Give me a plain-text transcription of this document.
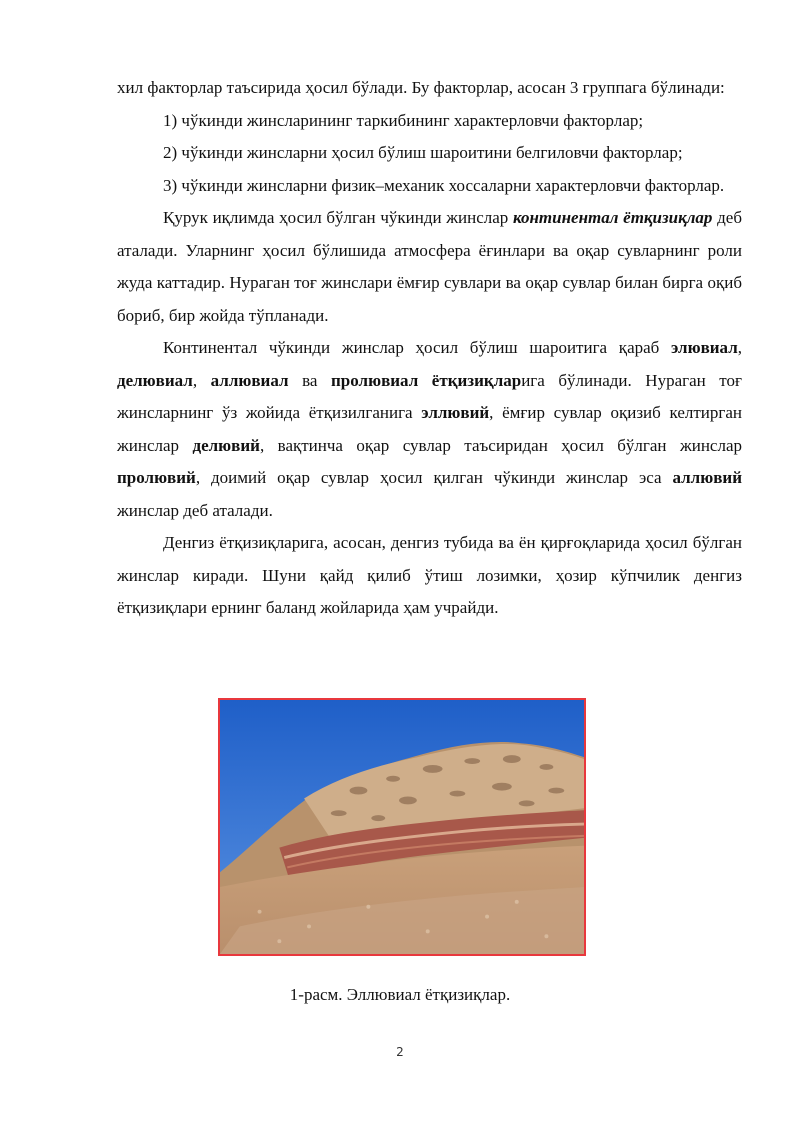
хил факторлар таъсирида ҳосил бўлади. Бу факторлар, асосан 3 группага бўлинади:

1) чўкинди жинсларининг таркибининг характерловчи факторлар;

2) чўкинди жинсларни ҳосил бўлиш шароитини белгиловчи факторлар;

3) чўкинди жинсларни физик–механик хоссаларни характерловчи факторлар.

Қурук иқлимда ҳосил бўлган чўкинди жинслар континентал ётқизиқлар деб аталади. Уларнинг ҳосил бўлишида атмосфера ёғинлари ва оқар сувларнинг роли жуда каттадир. Нураган тоғ жинслари ёмғир сувлари ва оқар сувлар билан бирга оқиб бориб, бир жойда тўпланади.

Континентал чўкинди жинслар ҳосил бўлиш шароитига қараб элювиал, делювиал, аллювиал ва пролювиал ётқизиқларига бўлинади. Нураган тоғ жинсларнинг ўз жойида ётқизилганига эллювий, ёмғир сувлар оқизиб келтирган жинслар делювий, вақтинча оқар сувлар таъсиридан ҳосил бўлган жинслар пролювий, доимий оқар сувлар ҳосил қилган чўкинди жинслар эса аллювий жинслар деб аталади.

Денгиз ётқизиқларига, асосан, денгиз тубида ва ён қирғоқларида ҳосил бўлган жинслар киради. Шуни қайд қилиб ўтиш лозимки, ҳозир кўпчилик денгиз ётқизиқлари ернинг баланд жойларида ҳам учрайди.

1-расм. Эллювиал ётқизиқлар.
2
